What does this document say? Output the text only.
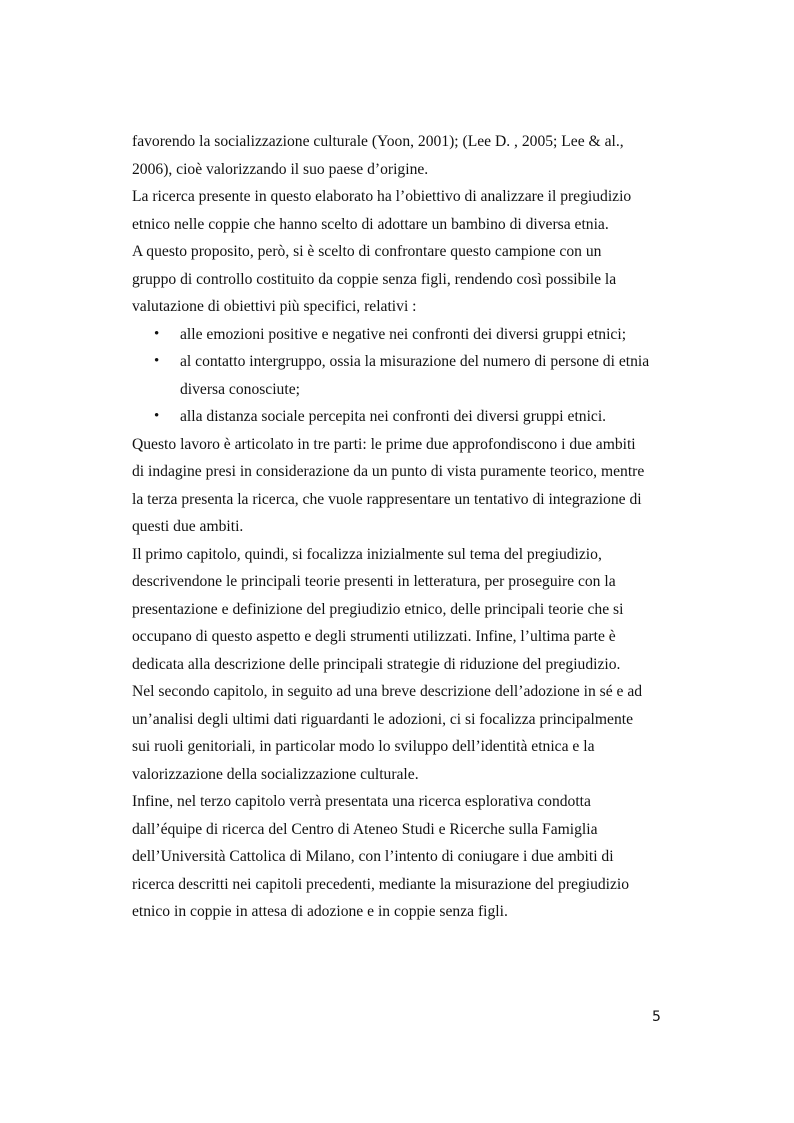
favorendo la socializzazione culturale (Yoon, 2001); (Lee D. , 2005; Lee & al.,
2006), cioè valorizzando il suo paese d’origine.
La ricerca presente in questo elaborato ha l’obiettivo di analizzare il pregiudizio
etnico nelle coppie che hanno scelto di adottare un bambino di diversa etnia.
A questo proposito, però, si è scelto di confrontare questo campione con un
gruppo di controllo costituito da coppie senza figli, rendendo così possibile la
valutazione di obiettivi più specifici, relativi :
• alle emozioni positive e negative nei confronti dei diversi gruppi etnici;
• al contatto intergruppo, ossia la misurazione del numero di persone di etnia
diversa conosciute;
• alla distanza sociale percepita nei confronti dei diversi gruppi etnici.
Questo lavoro è articolato in tre parti: le prime due approfondiscono i due ambiti
di indagine presi in considerazione da un punto di vista puramente teorico, mentre
la terza presenta la ricerca, che vuole rappresentare un tentativo di integrazione di
questi due ambiti.
Il primo capitolo, quindi, si focalizza inizialmente sul tema del pregiudizio,
descrivendone le principali teorie presenti in letteratura, per proseguire con la
presentazione e definizione del pregiudizio etnico, delle principali teorie che si
occupano di questo aspetto e degli strumenti utilizzati. Infine, l’ultima parte è
dedicata alla descrizione delle principali strategie di riduzione del pregiudizio.
Nel secondo capitolo, in seguito ad una breve descrizione dell’adozione in sé e ad
un’analisi degli ultimi dati riguardanti le adozioni, ci si focalizza principalmente
sui ruoli genitoriali, in particolar modo lo sviluppo dell’identità etnica e la
valorizzazione della socializzazione culturale.
Infine, nel terzo capitolo verrà presentata una ricerca esplorativa condotta
dall’équipe di ricerca del Centro di Ateneo Studi e Ricerche sulla Famiglia
dell’Università Cattolica di Milano, con l’intento di coniugare i due ambiti di
ricerca descritti nei capitoli precedenti, mediante la misurazione del pregiudizio
etnico in coppie in attesa di adozione e in coppie senza figli.
5
